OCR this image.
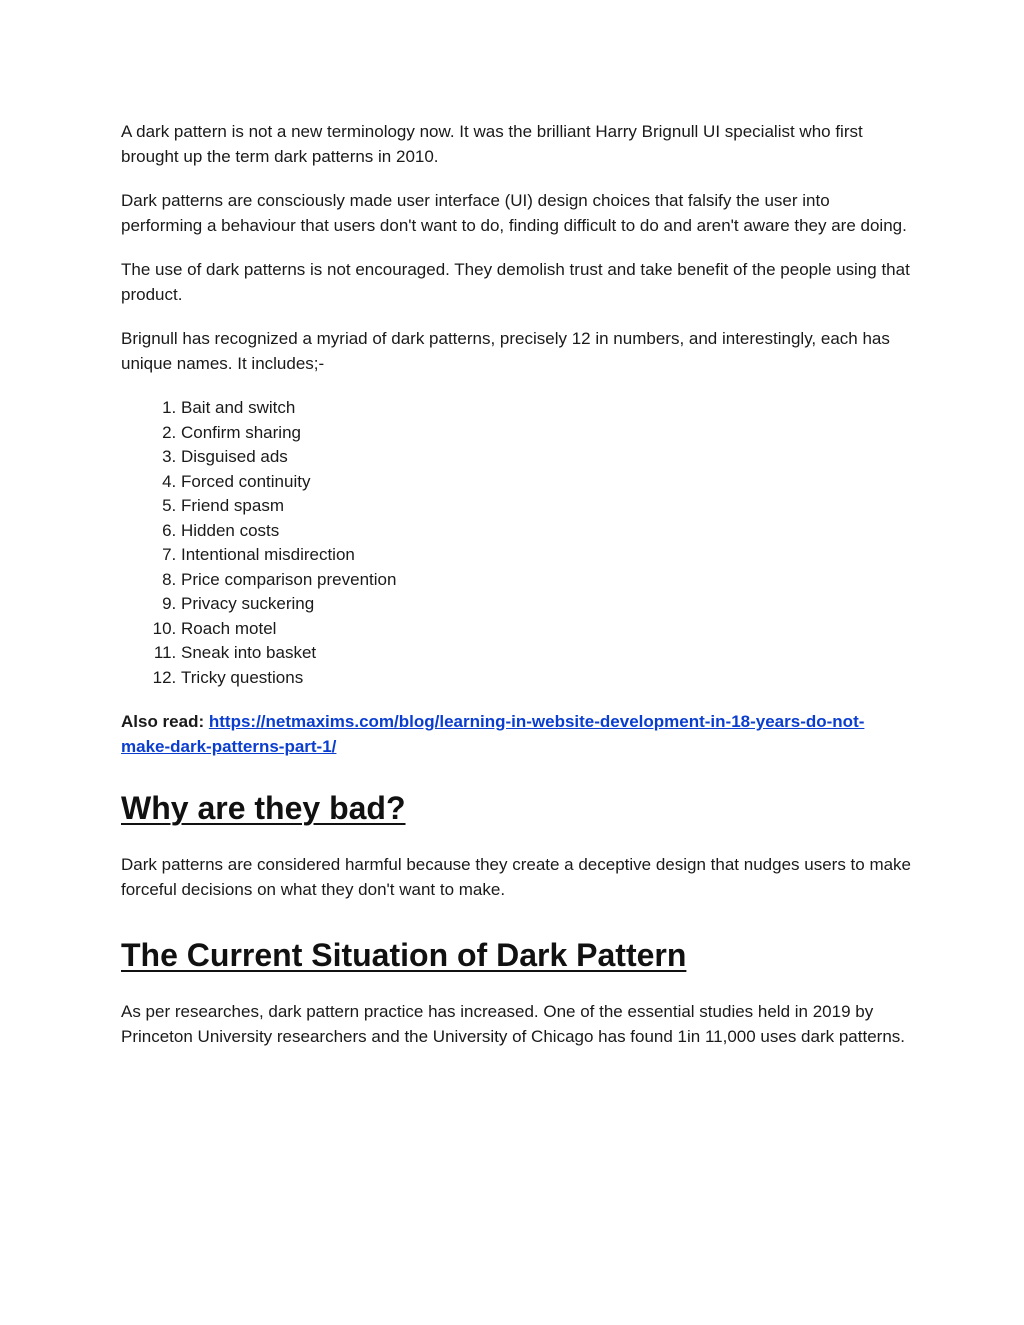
A dark pattern is not a new terminology now. It was the brilliant Harry Brignull UI specialist who first brought up the term dark patterns in 2010.

Dark patterns are consciously made user interface (UI) design choices that falsify the user into performing a behaviour that users don't want to do, finding difficult to do and aren't aware they are doing.

The use of dark patterns is not encouraged. They demolish trust and take benefit of the people using that product.

Brignull has recognized a myriad of dark patterns, precisely 12 in numbers, and interestingly, each has unique names. It includes;-

1. Bait and switch
2. Confirm sharing
3. Disguised ads
4. Forced continuity
5. Friend spasm
6. Hidden costs
7. Intentional misdirection
8. Price comparison prevention
9. Privacy suckering
10. Roach motel
11. Sneak into basket
12. Tricky questions

Also read: https://netmaxims.com/blog/learning-in-website-development-in-18-years-do-not-make-dark-patterns-part-1/

Why are they bad?

Dark patterns are considered harmful because they create a deceptive design that nudges users to make forceful decisions on what they don't want to make.

The Current Situation of Dark Pattern

As per researches, dark pattern practice has increased. One of the essential studies held in 2019 by Princeton University researchers and the University of Chicago has found 1in 11,000 uses dark patterns.
